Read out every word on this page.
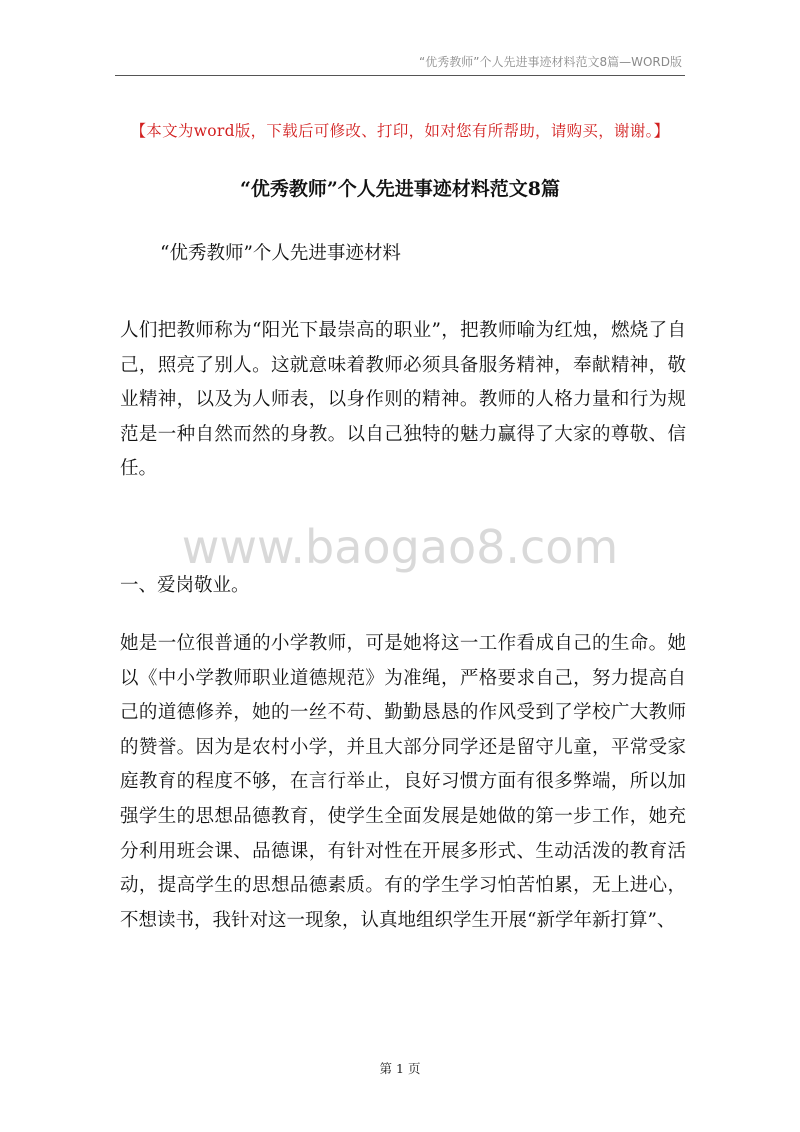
“优秀教师”个人先进事迹材料范文8篇—WORD版
【本文为word版，下载后可修改、打印，如对您有所帮助，请购买，谢谢。】
“优秀教师”个人先进事迹材料范文8篇
“优秀教师”个人先进事迹材料
人们把教师称为“阳光下最崇高的职业”，把教师喻为红烛，燃烧了自己，照亮了别人。这就意味着教师必须具备服务精神，奉献精神，敬业精神，以及为人师表，以身作则的精神。教师的人格力量和行为规范是一种自然而然的身教。以自己独特的魅力赢得了大家的尊敬、信任。
www.baogao8.com
一、爱岗敬业。
她是一位很普通的小学教师，可是她将这一工作看成自己的生命。她以《中小学教师职业道德规范》为准绳，严格要求自己，努力提高自己的道德修养，她的一丝不苟、勤勤恳恳的作风受到了学校广大教师的赞誉。因为是农村小学，并且大部分同学还是留守儿童，平常受家庭教育的程度不够，在言行举止，良好习惯方面有很多弊端，所以加强学生的思想品德教育，使学生全面发展是她做的第一步工作，她充分利用班会课、品德课，有针对性在开展多形式、生动活泼的教育活动，提高学生的思想品德素质。有的学生学习怕苦怕累，无上进心，不想读书，我针对这一现象，认真地组织学生开展“新学年新打算”、
第 1 页
